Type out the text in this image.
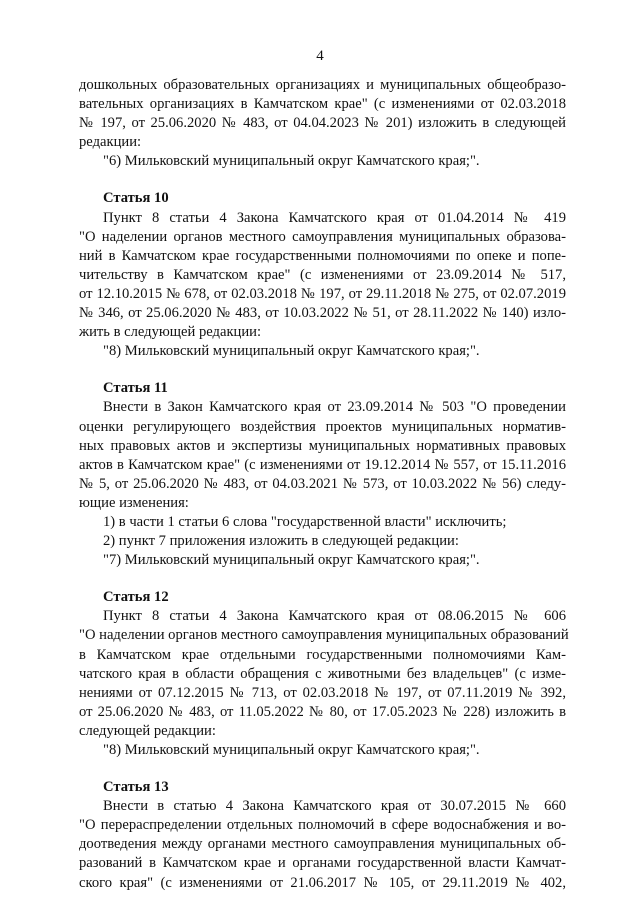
4
дошкольных образовательных организациях и муниципальных общеобразо-
вательных организациях в Камчатском крае" (с изменениями от 02.03.2018
№ 197, от 25.06.2020 № 483, от 04.04.2023 № 201) изложить в следующей
редакции:
"6) Мильковский муниципальный округ Камчатского края;".
Статья 10
Пункт 8 статьи 4 Закона Камчатского края от 01.04.2014 № 419
"О наделении органов местного самоуправления муниципальных образова-
ний в Камчатском крае государственными полномочиями по опеке и попе-
чительству в Камчатском крае" (с изменениями от 23.09.2014 № 517,
от 12.10.2015 № 678, от 02.03.2018 № 197, от 29.11.2018 № 275, от 02.07.2019
№ 346, от 25.06.2020 № 483, от 10.03.2022 № 51, от 28.11.2022 № 140) изло-
жить в следующей редакции:
"8) Мильковский муниципальный округ Камчатского края;".
Статья 11
Внести в Закон Камчатского края от 23.09.2014 № 503 "О проведении
оценки регулирующего воздействия проектов муниципальных норматив-
ных правовых актов и экспертизы муниципальных нормативных правовых
актов в Камчатском крае" (с изменениями от 19.12.2014 № 557, от 15.11.2016
№ 5, от 25.06.2020 № 483, от 04.03.2021 № 573, от 10.03.2022 № 56) следу-
ющие изменения:
1) в части 1 статьи 6 слова "государственной власти" исключить;
2) пункт 7 приложения изложить в следующей редакции:
"7) Мильковский муниципальный округ Камчатского края;".
Статья 12
Пункт 8 статьи 4 Закона Камчатского края от 08.06.2015 № 606
"О наделении органов местного самоуправления муниципальных образований
в Камчатском крае отдельными государственными полномочиями Кам-
чатского края в области обращения с животными без владельцев" (с изме-
нениями от 07.12.2015 № 713, от 02.03.2018 № 197, от 07.11.2019 № 392,
от 25.06.2020 № 483, от 11.05.2022 № 80, от 17.05.2023 № 228) изложить в
следующей редакции:
"8) Мильковский муниципальный округ Камчатского края;".
Статья 13
Внести в статью 4 Закона Камчатского края от 30.07.2015 № 660
"О перераспределении отдельных полномочий в сфере водоснабжения и во-
доотведения между органами местного самоуправления муниципальных об-
разований в Камчатском крае и органами государственной власти Камчат-
ского края" (с изменениями от 21.06.2017 № 105, от 29.11.2019 № 402,
